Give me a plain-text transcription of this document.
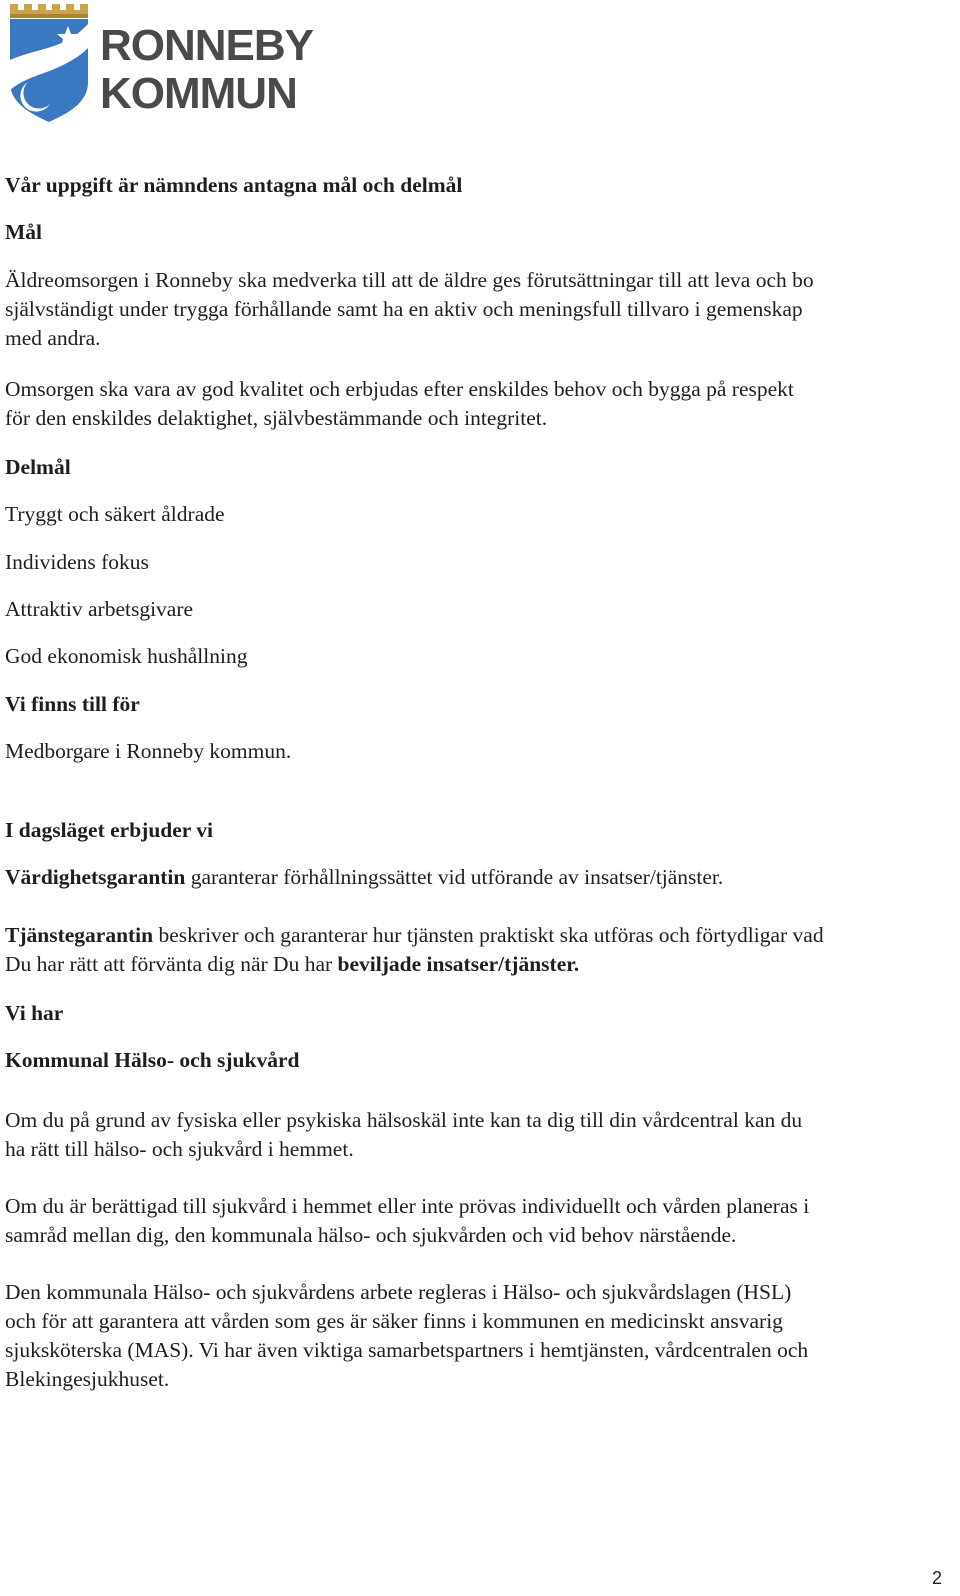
RONNEBY
KOMMUN
Vår uppgift är nämndens antagna mål och delmål
Mål
Äldreomsorgen i Ronneby ska medverka till att de äldre ges förutsättningar till att leva och bo
självständigt under trygga förhållande samt ha en aktiv och meningsfull tillvaro i gemenskap
med andra.
Omsorgen ska vara av god kvalitet och erbjudas efter enskildes behov och bygga på respekt
för den enskildes delaktighet, självbestämmande och integritet.
Delmål
Tryggt och säkert åldrade
Individens fokus
Attraktiv arbetsgivare
God ekonomisk hushållning
Vi finns till för
Medborgare i Ronneby kommun.
I dagsläget erbjuder vi
Värdighetsgarantin garanterar förhållningssättet vid utförande av insatser/tjänster.
Tjänstegarantin beskriver och garanterar hur tjänsten praktiskt ska utföras och förtydligar vad
Du har rätt att förvänta dig när Du har beviljade insatser/tjänster.
Vi har
Kommunal Hälso- och sjukvård
Om du på grund av fysiska eller psykiska hälsoskäl inte kan ta dig till din vårdcentral kan du
ha rätt till hälso- och sjukvård i hemmet.
Om du är berättigad till sjukvård i hemmet eller inte prövas individuellt och vården planeras i
samråd mellan dig, den kommunala hälso- och sjukvården och vid behov närstående.
Den kommunala Hälso- och sjukvårdens arbete regleras i Hälso- och sjukvårdslagen (HSL)
och för att garantera att vården som ges är säker finns i kommunen en medicinskt ansvarig
sjuksköterska (MAS). Vi har även viktiga samarbetspartners i hemtjänsten, vårdcentralen och
Blekingesjukhuset.
2
